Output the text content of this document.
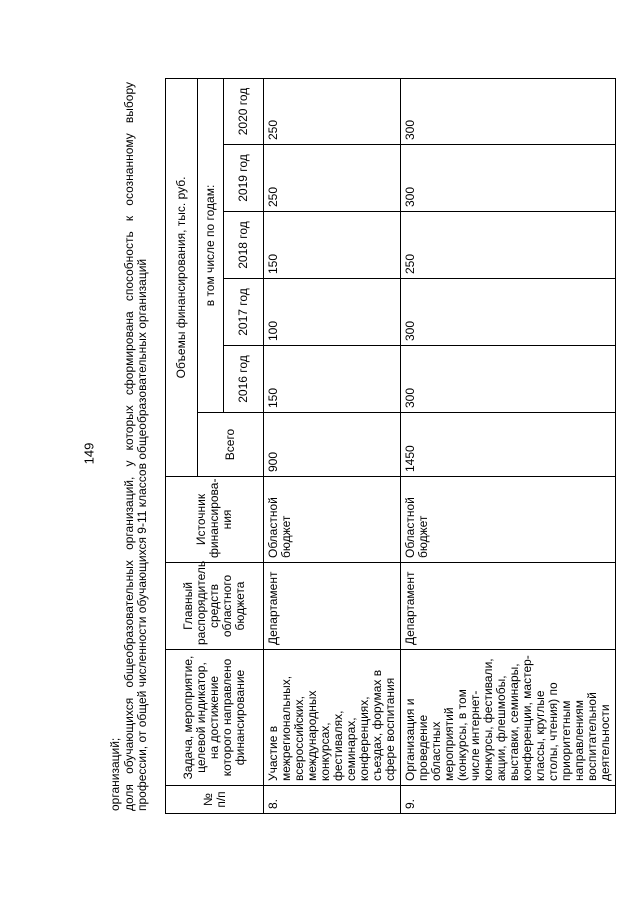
149
организаций; доля обучающихся общеобразовательных организаций, у которых сформирована способность к осознанному выбору профессии, от общей численности обучающихся 9-11 классов общеобразовательных организаций	№ п/п	Задача, мероприятие, целевой индикатор, на достижение которого направлено финансирование	Главный распорядитель средств областного бюджета	Источник финансирова-ния	Объемы финансирования, тыс. руб.					
				Всего	в том числе по годам:				
					2016 год	2017 год	2018 год	2019 год	2020 год
8.	Участие в межрегиональных, всероссийских, международных конкурсах, фестивалях, семинарах, конференциях, съездах, форумах в сфере воспитания	Департамент	Областной бюджет	900	150	100	150	250	250
9.	Организация и проведение областных мероприятий (конкурсы, в том числе интернет-конкурсы, фестивали, акции, флешмобы, выставки, семинары, конференции, мастер-классы, круглые столы, чтения) по приоритетным направлениям воспитательной деятельности	Департамент	Областной бюджет	1450	300	300	250	300	300
